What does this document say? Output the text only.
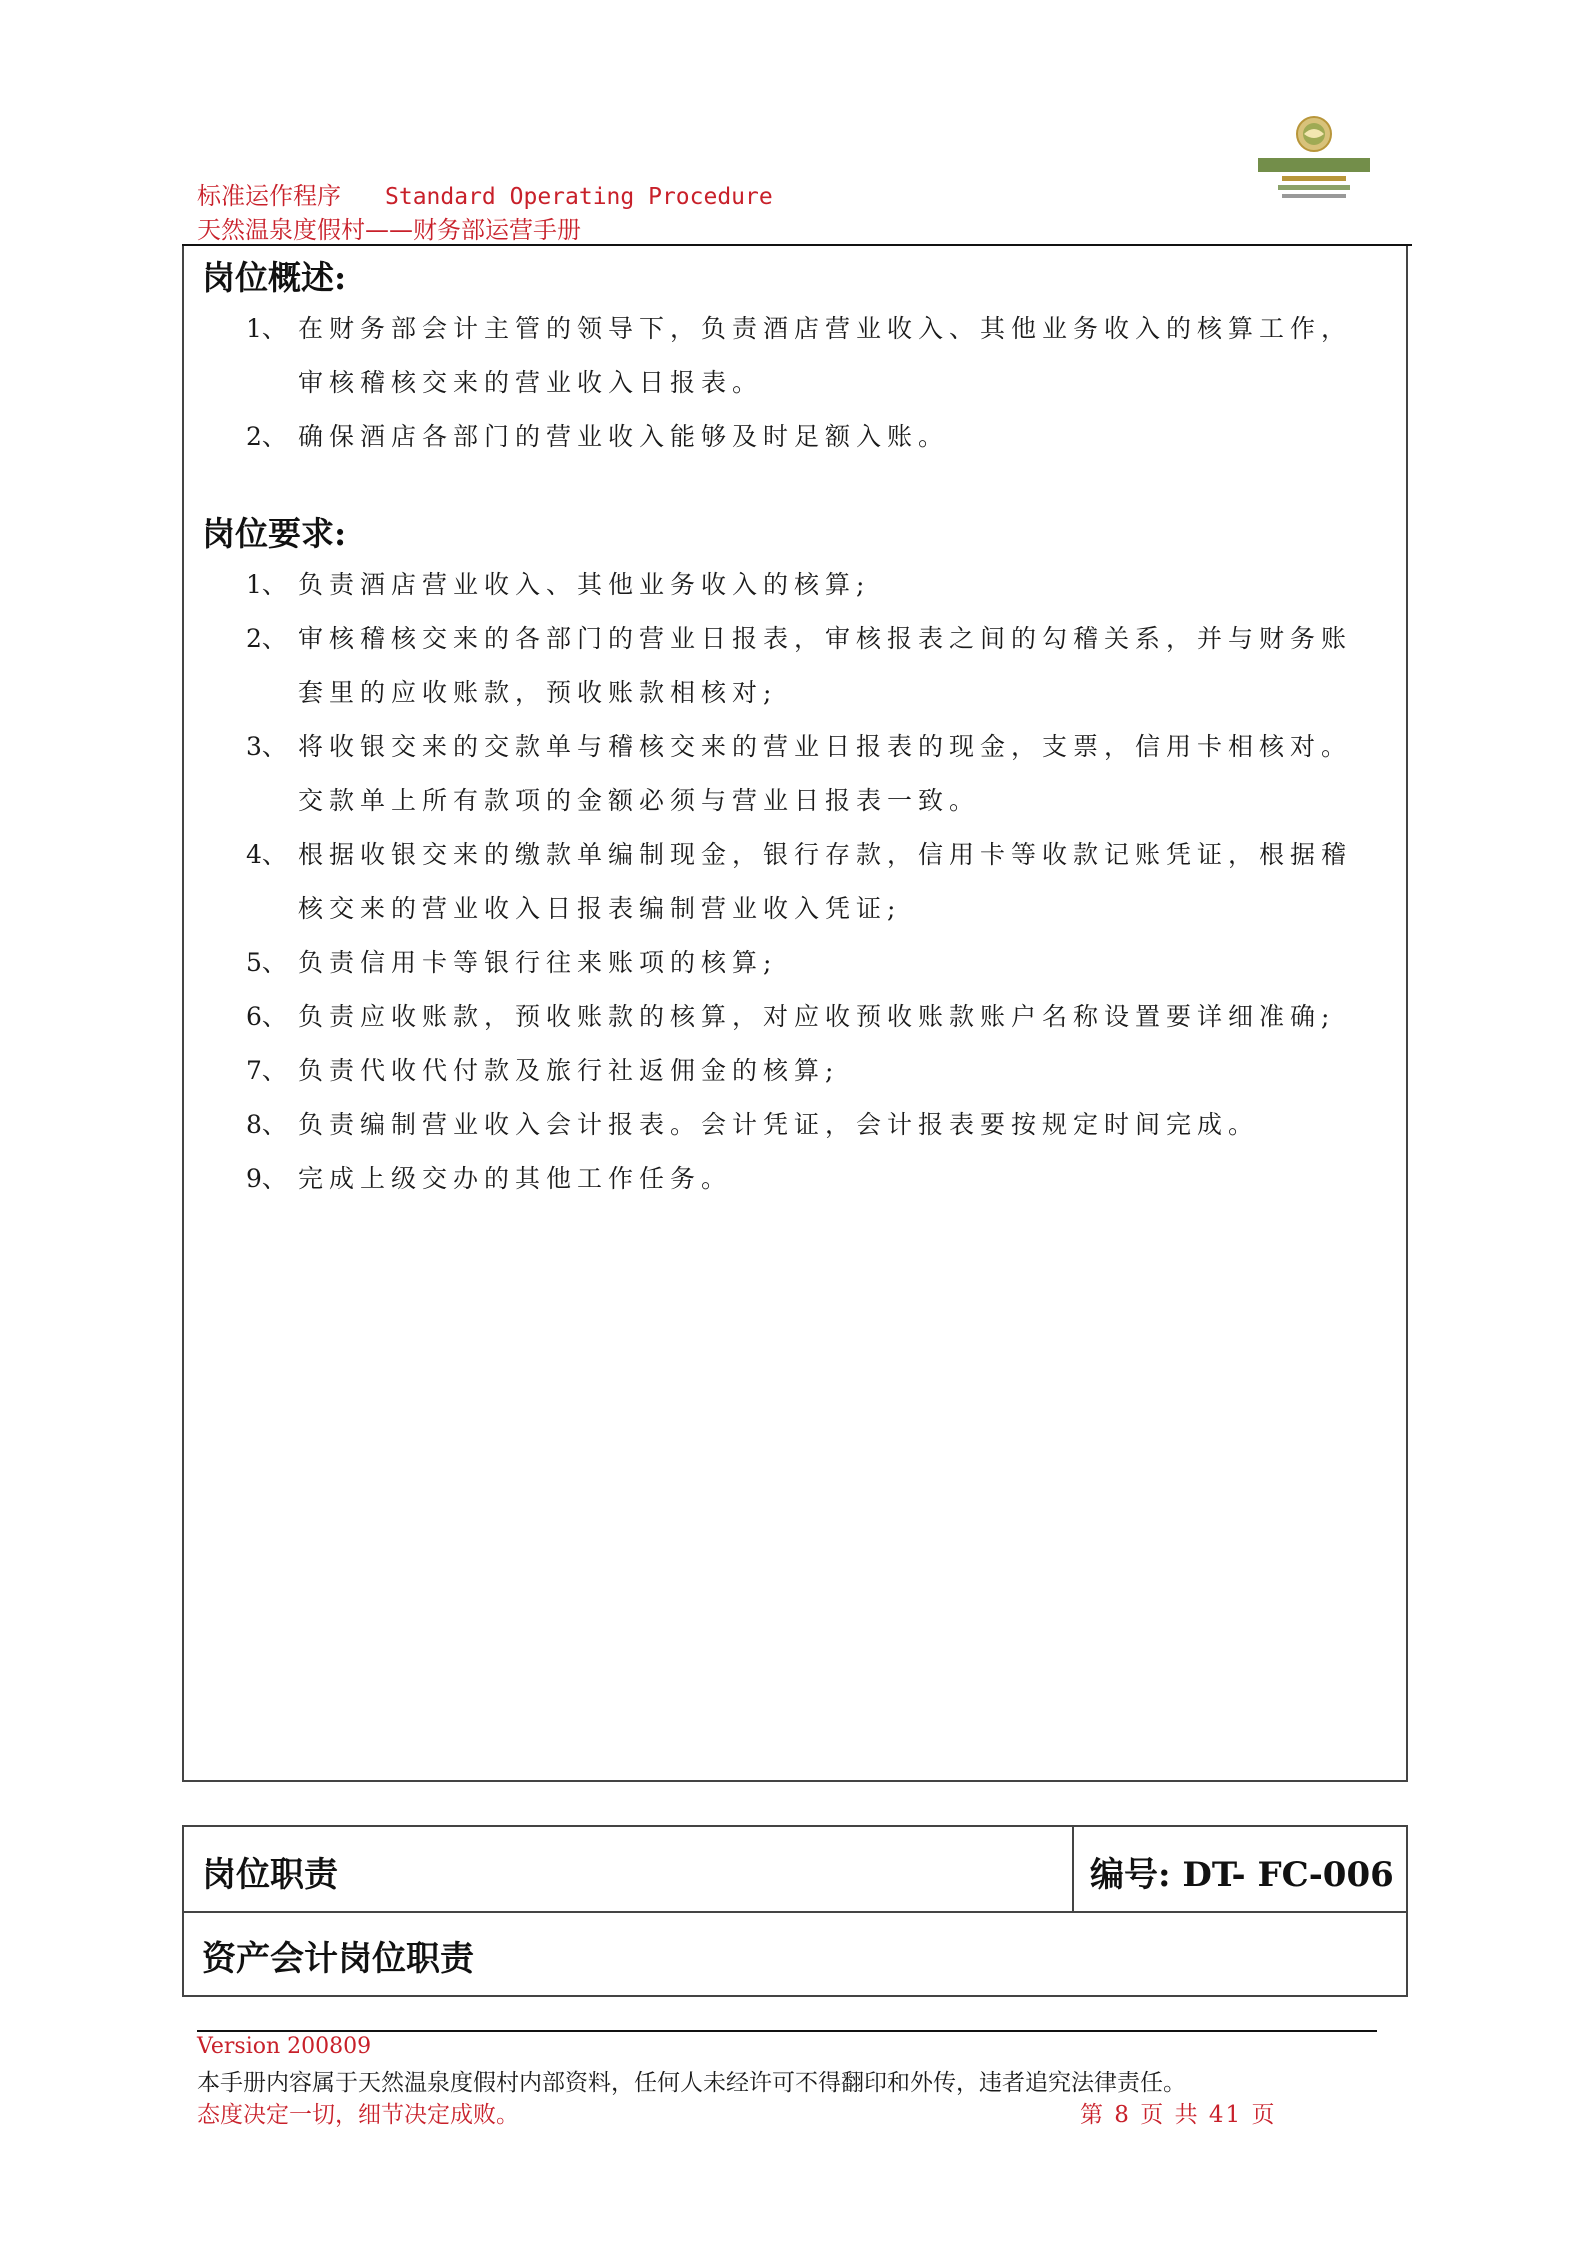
标准运作程序 Standard Operating Procedure
天然温泉度假村——财务部运营手册
岗位概述:
1、 在财务部会计主管的领导下，负责酒店营业收入、其他业务收入的核算工作，
审核稽核交来的营业收入日报表。
2、 确保酒店各部门的营业收入能够及时足额入账。
岗位要求:
1、 负责酒店营业收入、其他业务收入的核算;
2、 审核稽核交来的各部门的营业日报表，审核报表之间的勾稽关系，并与财务账
套里的应收账款，预收账款相核对;
3、 将收银交来的交款单与稽核交来的营业日报表的现金，支票，信用卡相核对。
交款单上所有款项的金额必须与营业日报表一致。
4、 根据收银交来的缴款单编制现金，银行存款，信用卡等收款记账凭证，根据稽
核交来的营业收入日报表编制营业收入凭证;
5、 负责信用卡等银行往来账项的核算;
6、 负责应收账款，预收账款的核算，对应收预收账款账户名称设置要详细准确;
7、 负责代收代付款及旅行社返佣金的核算;
8、 负责编制营业收入会计报表。会计凭证，会计报表要按规定时间完成。
9、 完成上级交办的其他工作任务。
岗位职责	编号: DT- FC-006
资产会计岗位职责
Version 200809
本手册内容属于天然温泉度假村内部资料，任何人未经许可不得翻印和外传，违者追究法律责任。
态度决定一切，细节决定成败。	第 8 页 共 41 页
